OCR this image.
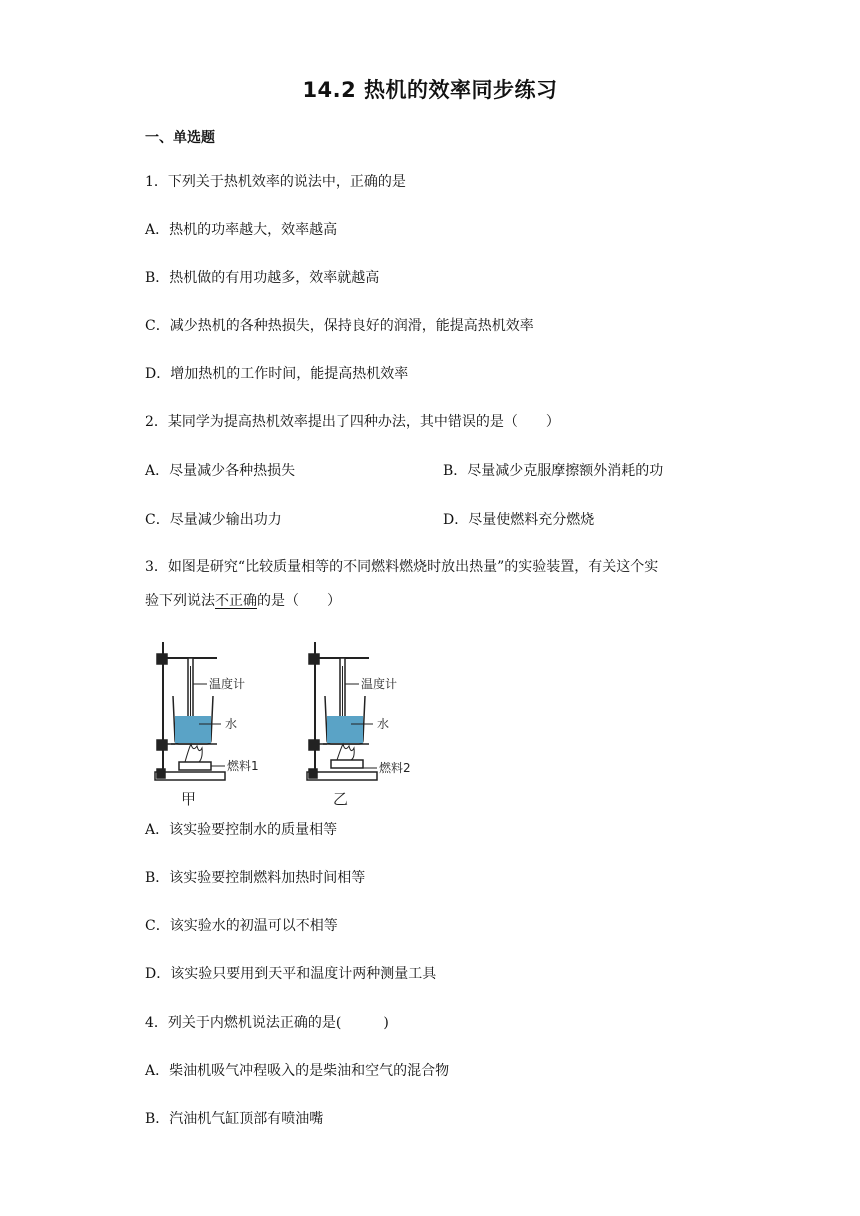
14.2 热机的效率同步练习
一、单选题
1．下列关于热机效率的说法中，正确的是
A．热机的功率越大，效率越高
B．热机做的有用功越多，效率就越高
C．减少热机的各种热损失，保持良好的润滑，能提高热机效率
D．增加热机的工作时间，能提高热机效率
2．某同学为提高热机效率提出了四种办法，其中错误的是（　　）
A．尽量减少各种热损失	B．尽量减少克服摩擦额外消耗的功
C．尽量减少输出功力	D．尽量使燃料充分燃烧
3．如图是研究“比较质量相等的不同燃料燃烧时放出热量”的实验装置，有关这个实
验下列说法不正确的是（　　）
温度计
水
燃料1
甲
温度计
水
燃料2
乙
A．该实验要控制水的质量相等
B．该实验要控制燃料加热时间相等
C．该实验水的初温可以不相等
D．该实验只要用到天平和温度计两种测量工具
4．列关于内燃机说法正确的是(　　　)
A．柴油机吸气冲程吸入的是柴油和空气的混合物
B．汽油机气缸顶部有喷油嘴
